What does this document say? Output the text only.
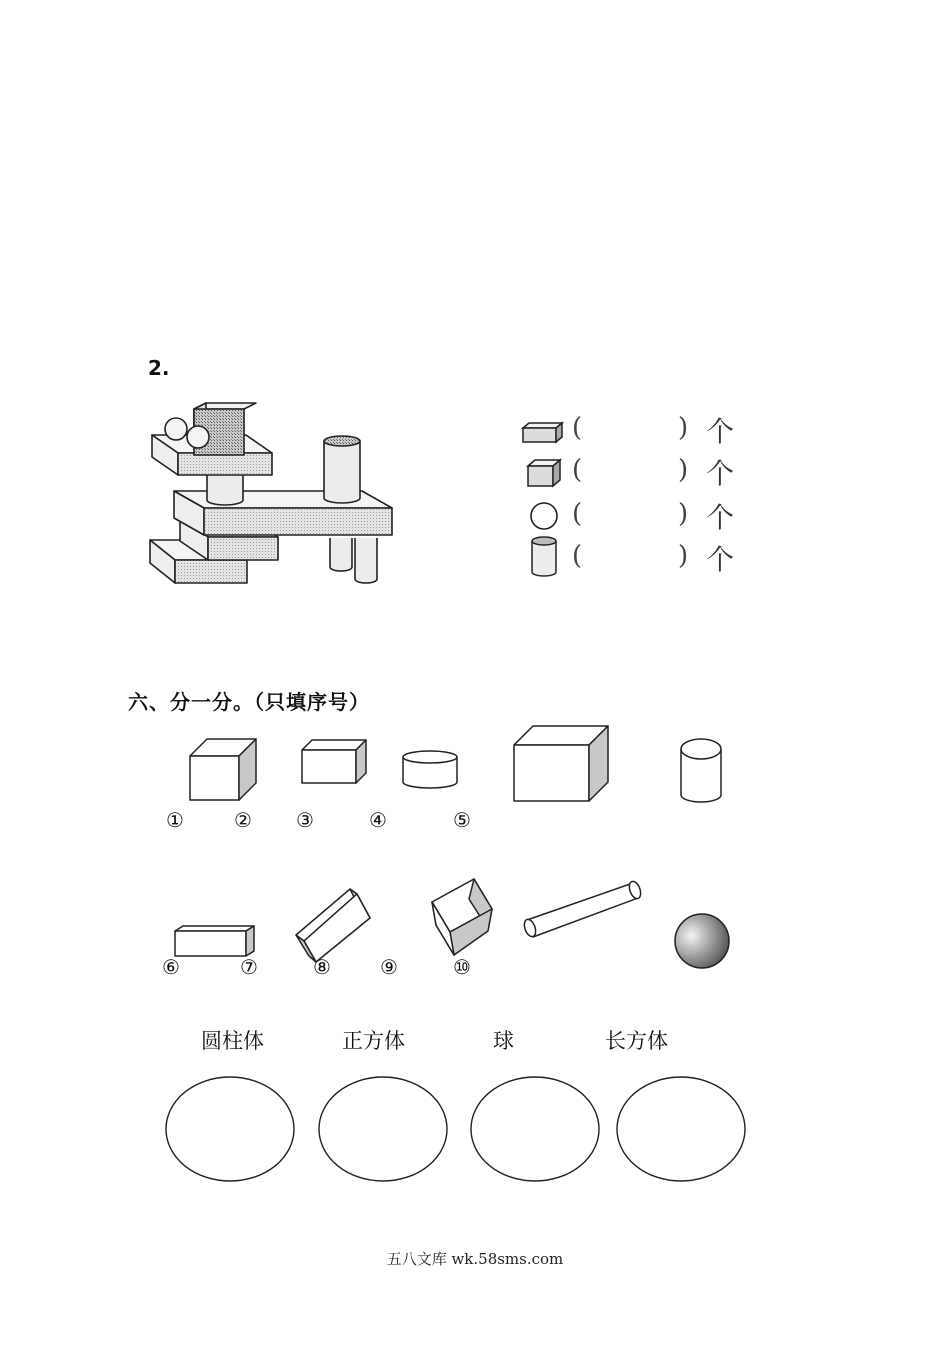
2.
(	) 个
(	) 个
(	) 个
(	) 个
六、分一分。（只填序号）
①	② ③	④	⑤
⑥	⑦	⑧ ⑨	⑩
圆柱体	正方体	球	长方体
五八文库 wk.58sms.com
